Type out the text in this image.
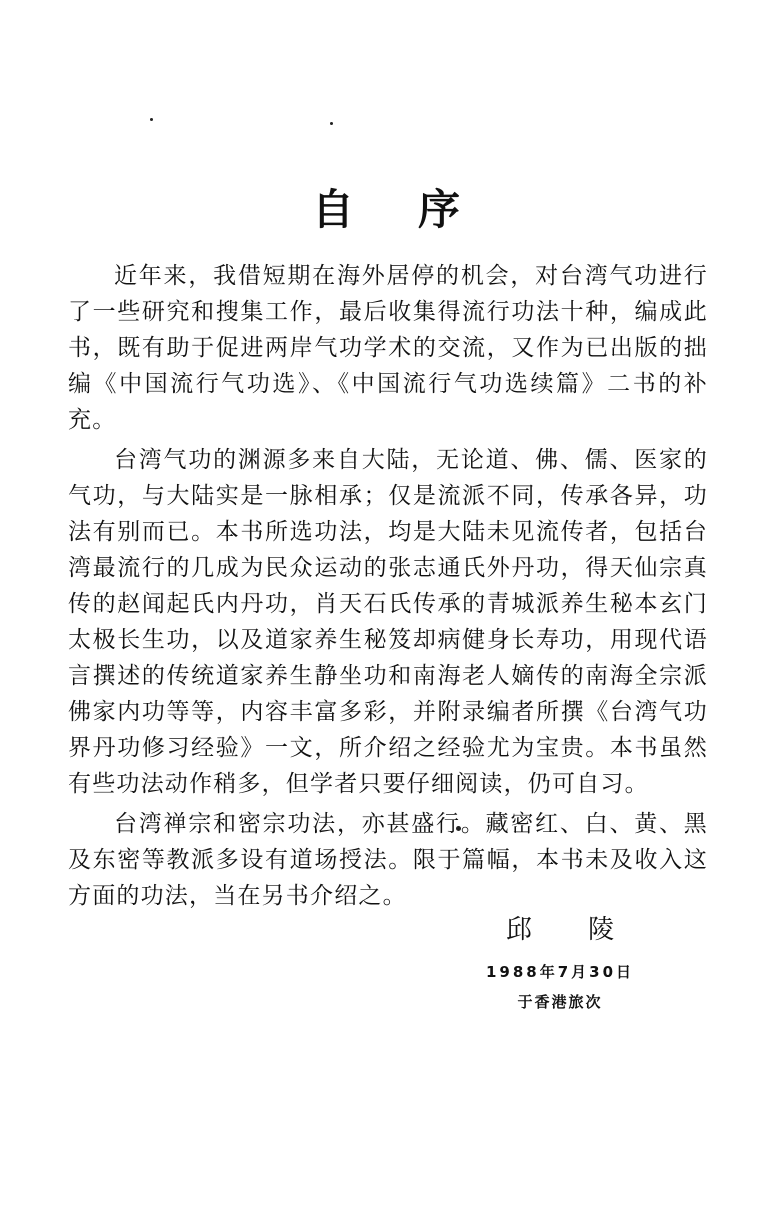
自 序

近年来，我借短期在海外居停的机会，对台湾气功进行了一些研究和搜集工作，最后收集得流行功法十种，编成此书，既有助于促进两岸气功学术的交流，又作为已出版的拙编《中国流行气功选》、《中国流行气功选续篇》二书的补充。

台湾气功的渊源多来自大陆，无论道、佛、儒、医家的气功，与大陆实是一脉相承；仅是流派不同，传承各异，功法有别而已。本书所选功法，均是大陆未见流传者，包括台湾最流行的几成为民众运动的张志通氏外丹功，得天仙宗真传的赵闻起氏内丹功，肖天石氏传承的青城派养生秘本玄门太极长生功，以及道家养生秘笈却病健身长寿功，用现代语言撰述的传统道家养生静坐功和南海老人嫡传的南海全宗派佛家内功等等，内容丰富多彩，并附录编者所撰《台湾气功界丹功修习经验》一文，所介绍之经验尤为宝贵。本书虽然有些功法动作稍多，但学者只要仔细阅读，仍可自习。

台湾禅宗和密宗功法，亦甚盛行。藏密红、白、黄、黑及东密等教派多设有道场授法。限于篇幅，本书未及收入这方面的功法，当在另书介绍之。

邱 陵
1988年7月30日
于香港旅次
